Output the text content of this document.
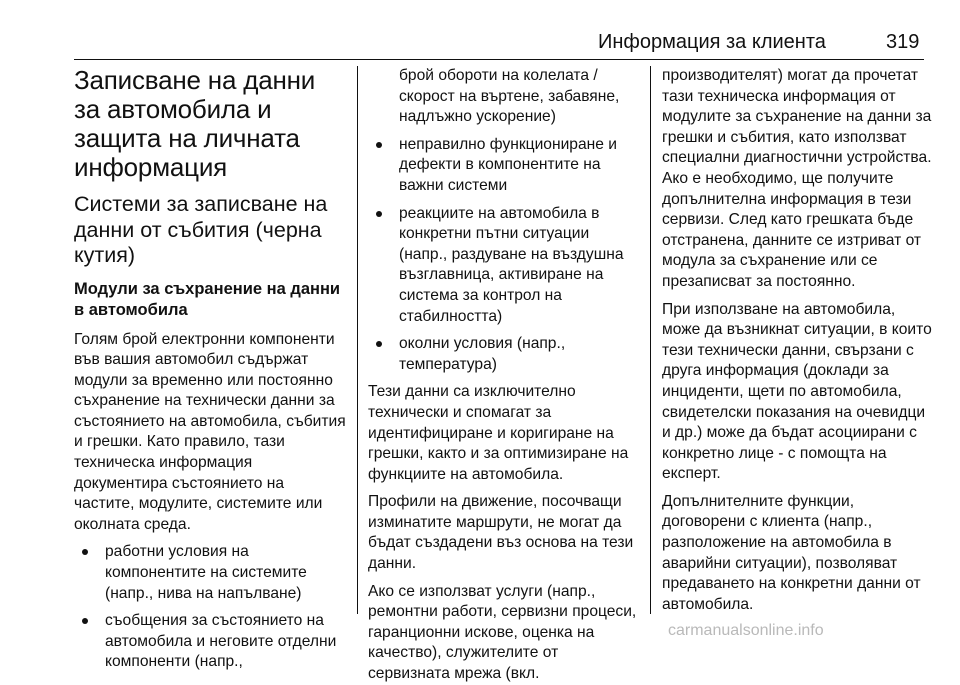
Информация за клиента	319
Записване на данни за автомобила и защита на личната информация
Системи за записване на данни от събития (черна кутия)
Модули за съхранение на данни в автомобила

Голям брой електронни компоненти във вашия автомобил съдържат модули за временно или постоянно съхранение на технически данни за състоянието на автомобила, събития и грешки. Като правило, тази техническа информация документира състоянието на частите, модулите, системите или околната среда.

работни условия на компонентите на системите (напр., нива на напълване)
съобщения за състоянието на автомобила и неговите отделни компоненти (напр.,
брой обороти на колелата / скорост на въртене, забавяне, надлъжно ускорение)
неправилно функциониране и дефекти в компонентите на важни системи
реакциите на автомобила в конкретни пътни ситуации (напр., раздуване на въздушна възглавница, активиране на система за контрол на стабилността)
околни условия (напр., температура)

Тези данни са изключително технически и спомагат за идентифициране и коригиране на грешки, както и за оптимизиране на функциите на автомобила.

Профили на движение, посочващи изминатите маршрути, не могат да бъдат създадени въз основа на тези данни.

Ако се използват услуги (напр., ремонтни работи, сервизни процеси, гаранционни искове, оценка на качество), служителите от сервизната мрежа (вкл.

производителят) могат да прочетат тази техническа информация от модулите за съхранение на данни за грешки и събития, като използват специални диагностични устройства. Ако е необходимо, ще получите допълнителна информация в тези сервизи. След като грешката бъде отстранена, данните се изтриват от модула за съхранение или се презаписват за постоянно.

При използване на автомобила, може да възникнат ситуации, в които тези технически данни, свързани с друга информация (доклади за инциденти, щети по автомобила, свидетелски показания на очевидци и др.) може да бъдат асоциирани с конкретно лице - с помощта на експерт.

Допълнителните функции, договорени с клиента (напр., разположение на автомобила в аварийни ситуации), позволяват предаването на конкретни данни от автомобила.

carmanualsonline.info
